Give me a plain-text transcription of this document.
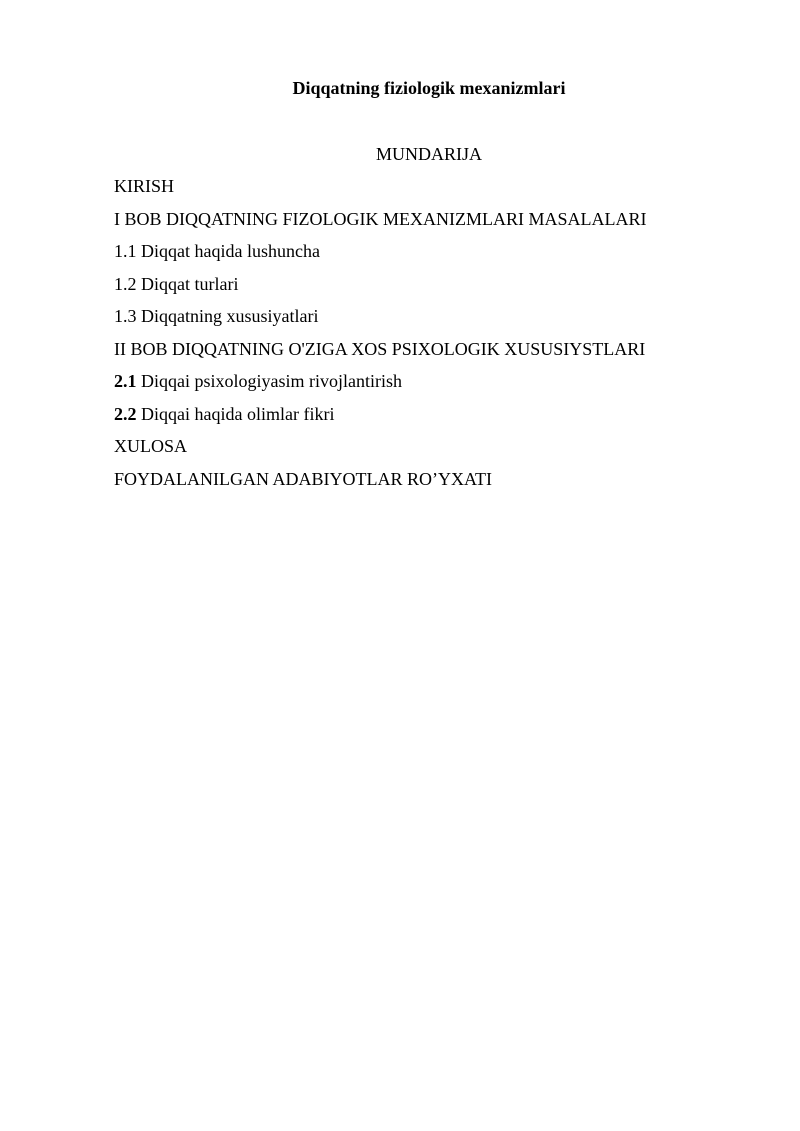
Diqqatning fiziologik mexanizmlari
MUNDARIJA
KIRISH
I BOB DIQQATNING FIZOLOGIK MEXANIZMLARI MASALALARI
1.1 Diqqat haqida lushuncha
1.2 Diqqat turlari
1.3 Diqqatning xususiyatlari
II BOB DIQQATNING O'ZIGA XOS PSIXOLOGIK XUSUSIYSTLARI
2.1 Diqqai psixologiyasim rivojlantirish
2.2 Diqqai haqida olimlar fikri
XULOSA
FOYDALANILGAN ADABIYOTLAR RO’YXATI
